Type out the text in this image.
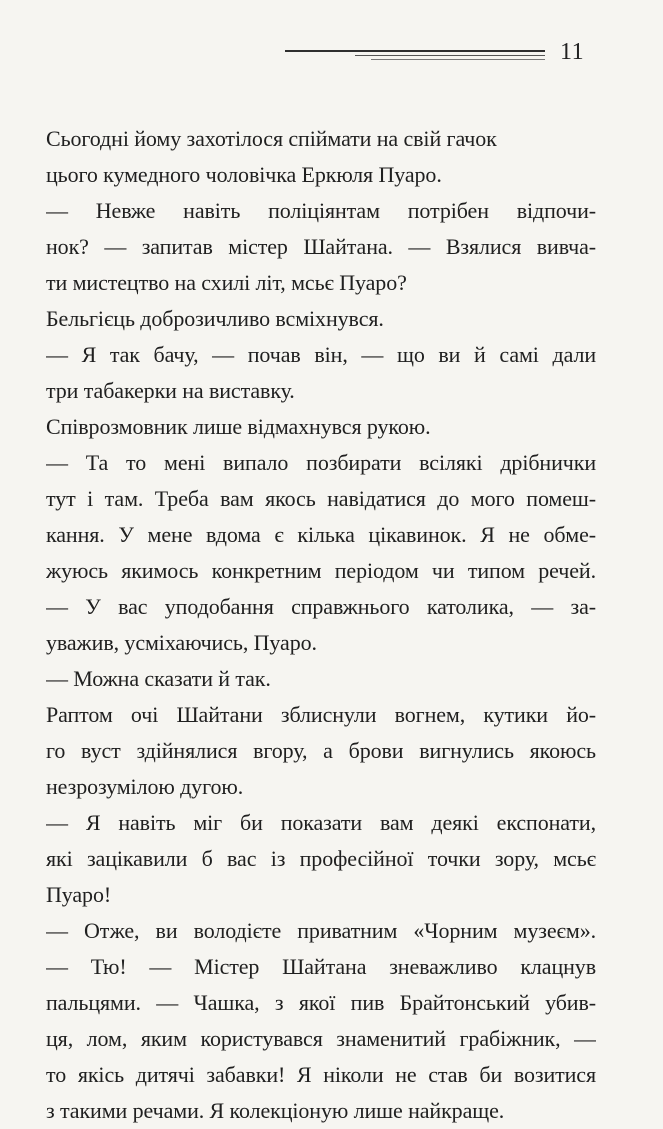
11
Сьогодні йому захотілося спіймати на свій гачок
цього кумедного чоловічка Еркюля Пуаро.
— Невже навіть поліціянтам потрібен відпочи-
нок? — запитав містер Шайтана. — Взялися вивча-
ти мистецтво на схилі літ, мсьє Пуаро?
Бельгієць доброзичливо всміхнувся.
— Я так бачу, — почав він, — що ви й самі дали
три табакерки на виставку.
Співрозмовник лише відмахнувся рукою.
— Та то мені випало позбирати всілякі дрібнички
тут і там. Треба вам якось навідатися до мого помеш-
кання. У мене вдома є кілька цікавинок. Я не обме-
жуюсь якимось конкретним періодом чи типом речей.
— У вас уподобання справжнього католика, — за-
уважив, усміхаючись, Пуаро.
— Можна сказати й так.
Раптом очі Шайтани зблиснули вогнем, кутики йо-
го вуст здійнялися вгору, а брови вигнулись якоюсь
незрозумілою дугою.
— Я навіть міг би показати вам деякі експонати,
які зацікавили б вас із професійної точки зору, мсьє
Пуаро!
— Отже, ви володієте приватним «Чорним музеєм».
— Тю! — Містер Шайтана зневажливо клацнув
пальцями. — Чашка, з якої пив Брайтонський убив-
ця, лом, яким користувався знаменитий грабіжник, —
то якісь дитячі забавки! Я ніколи не став би возитися
з такими речами. Я колекціоную лише найкраще.
